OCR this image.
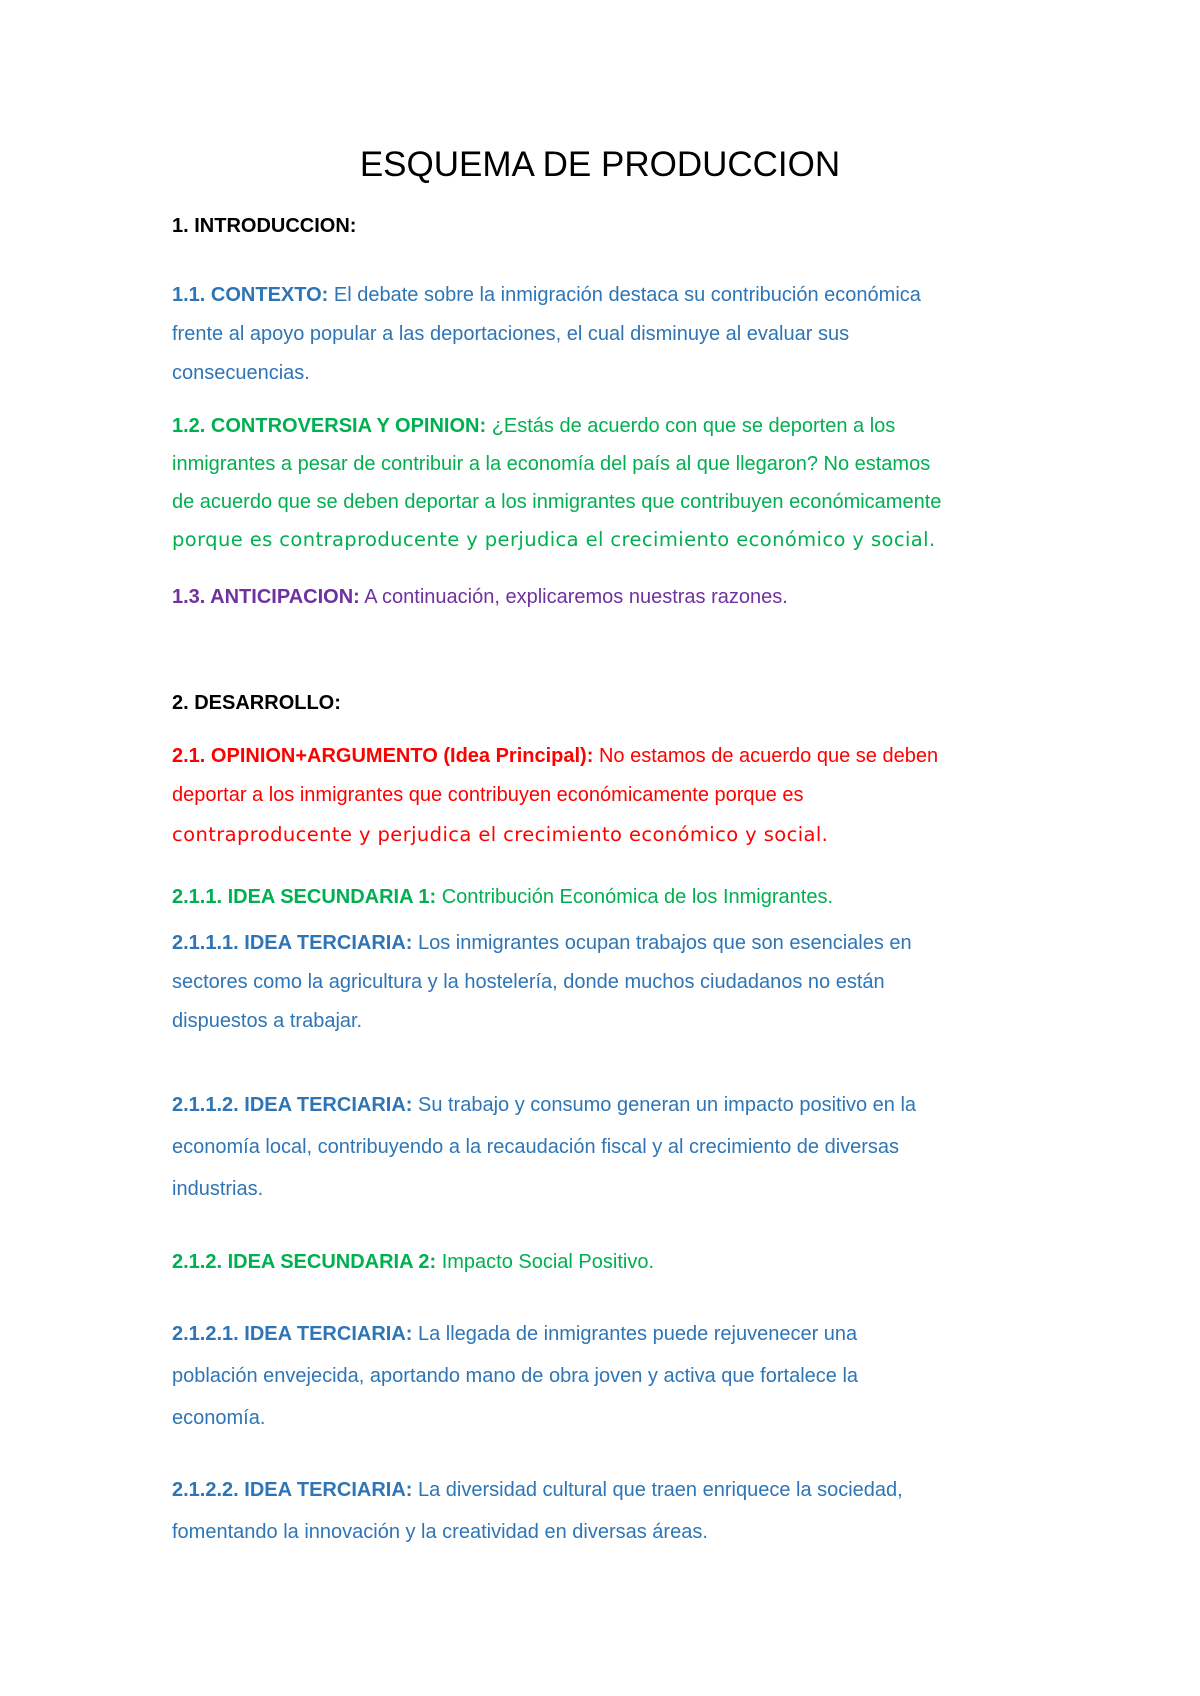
ESQUEMA DE PRODUCCION

1. INTRODUCCION:

1.1. CONTEXTO: El debate sobre la inmigración destaca su contribución económica
frente al apoyo popular a las deportaciones, el cual disminuye al evaluar sus
consecuencias.

1.2. CONTROVERSIA Y OPINION: ¿Estás de acuerdo con que se deporten a los
inmigrantes a pesar de contribuir a la economía del país al que llegaron? No estamos
de acuerdo que se deben deportar a los inmigrantes que contribuyen económicamente
porque es contraproducente y perjudica el crecimiento económico y social.

1.3. ANTICIPACION: A continuación, explicaremos nuestras razones.

2. DESARROLLO:

2.1. OPINION+ARGUMENTO (Idea Principal): No estamos de acuerdo que se deben
deportar a los inmigrantes que contribuyen económicamente porque es
contraproducente y perjudica el crecimiento económico y social.

2.1.1. IDEA SECUNDARIA 1: Contribución Económica de los Inmigrantes.

2.1.1.1. IDEA TERCIARIA: Los inmigrantes ocupan trabajos que son esenciales en
sectores como la agricultura y la hostelería, donde muchos ciudadanos no están
dispuestos a trabajar.

2.1.1.2. IDEA TERCIARIA: Su trabajo y consumo generan un impacto positivo en la
economía local, contribuyendo a la recaudación fiscal y al crecimiento de diversas
industrias.

2.1.2. IDEA SECUNDARIA 2: Impacto Social Positivo.

2.1.2.1. IDEA TERCIARIA: La llegada de inmigrantes puede rejuvenecer una
población envejecida, aportando mano de obra joven y activa que fortalece la
economía.

2.1.2.2. IDEA TERCIARIA: La diversidad cultural que traen enriquece la sociedad,
fomentando la innovación y la creatividad en diversas áreas.
